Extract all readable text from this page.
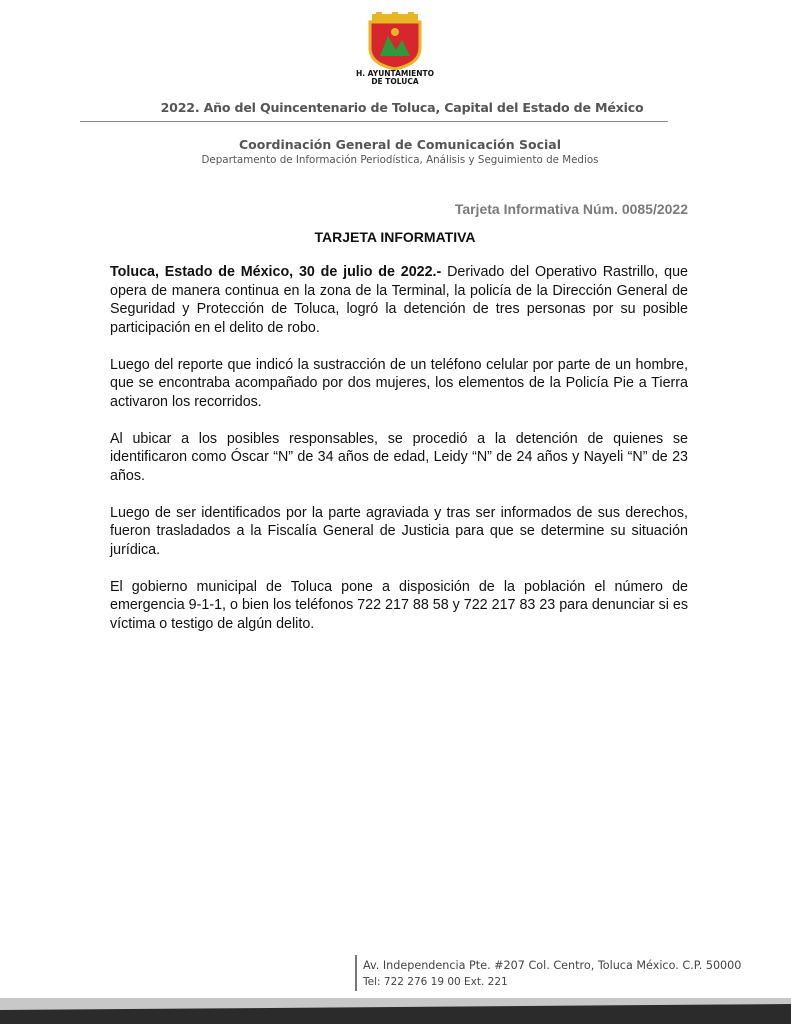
H. AYUNTAMIENTO
DE TOLUCA
2022. Año del Quincentenario de Toluca, Capital del Estado de México
Coordinación General de Comunicación Social
Departamento de Información Periodística, Análisis y Seguimiento de Medios
Tarjeta Informativa Núm. 0085/2022
TARJETA INFORMATIVA

Toluca, Estado de México, 30 de julio de 2022.- Derivado del Operativo Rastrillo, que opera de manera continua en la zona de la Terminal, la policía de la Dirección General de Seguridad y Protección de Toluca, logró la detención de tres personas por su posible participación en el delito de robo.

Luego del reporte que indicó la sustracción de un teléfono celular por parte de un hombre, que se encontraba acompañado por dos mujeres, los elementos de la Policía Pie a Tierra activaron los recorridos.

Al ubicar a los posibles responsables, se procedió a la detención de quienes se identificaron como Óscar “N” de 34 años de edad, Leidy “N” de 24 años y Nayeli “N” de 23 años.

Luego de ser identificados por la parte agraviada y tras ser informados de sus derechos, fueron trasladados a la Fiscalía General de Justicia para que se determine su situación jurídica.

El gobierno municipal de Toluca pone a disposición de la población el número de emergencia 9-1-1, o bien los teléfonos 722 217 88 58 y 722 217 83 23 para denunciar si es víctima o testigo de algún delito.

Av. Independencia Pte. #207 Col. Centro, Toluca México. C.P. 50000
Tel: 722 276 19 00 Ext. 221
